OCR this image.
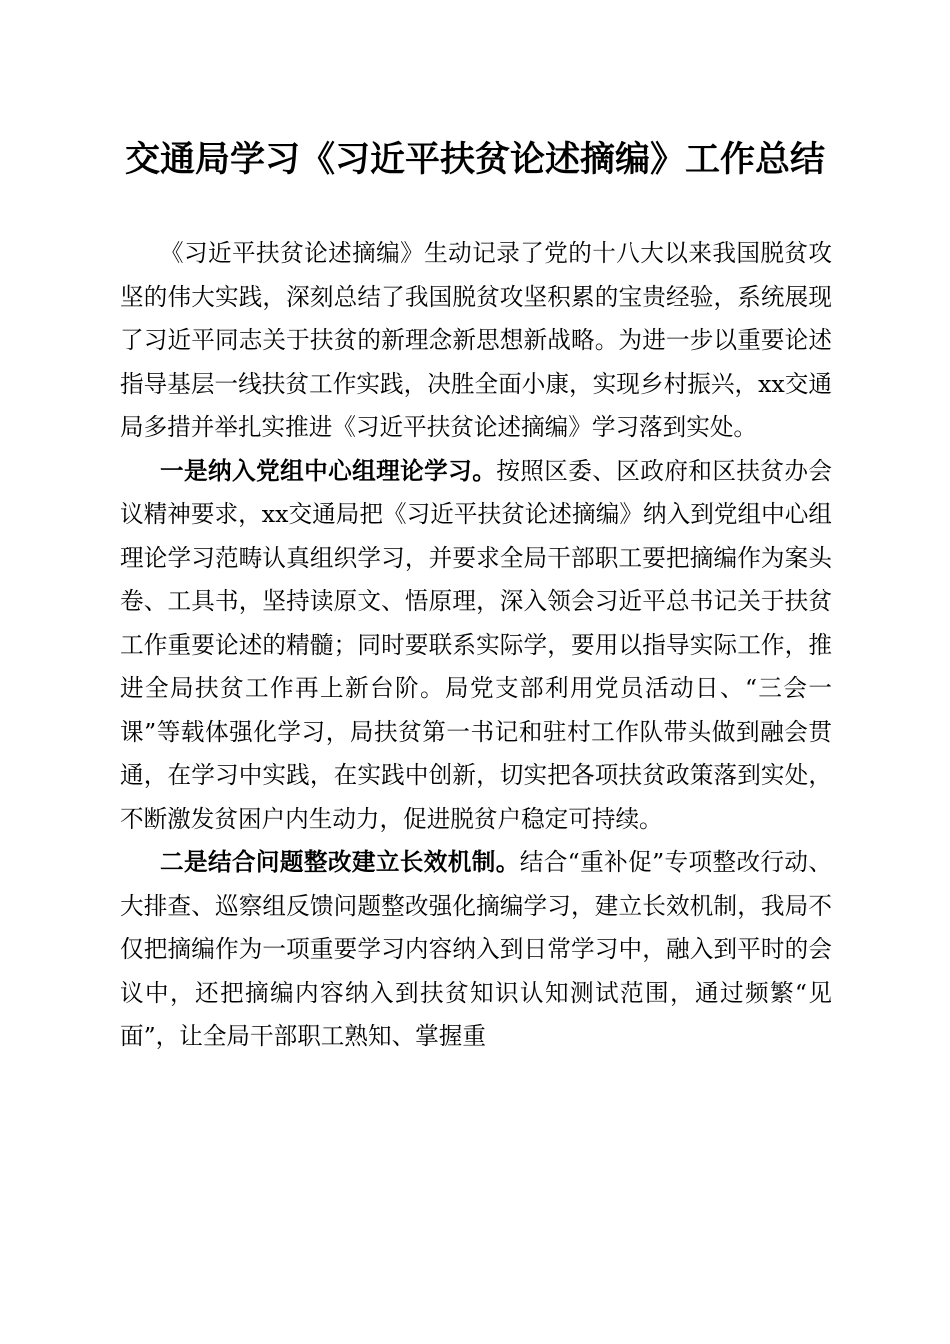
交通局学习《习近平扶贫论述摘编》工作总结

《习近平扶贫论述摘编》生动记录了党的十八大以来我国脱贫攻坚的伟大实践，深刻总结了我国脱贫攻坚积累的宝贵经验，系统展现了习近平同志关于扶贫的新理念新思想新战略。为进一步以重要论述指导基层一线扶贫工作实践，决胜全面小康，实现乡村振兴，xx交通局多措并举扎实推进《习近平扶贫论述摘编》学习落到实处。

一是纳入党组中心组理论学习。按照区委、区政府和区扶贫办会议精神要求，xx交通局把《习近平扶贫论述摘编》纳入到党组中心组理论学习范畴认真组织学习，并要求全局干部职工要把摘编作为案头卷、工具书，坚持读原文、悟原理，深入领会习近平总书记关于扶贫工作重要论述的精髓；同时要联系实际学，要用以指导实际工作，推进全局扶贫工作再上新台阶。局党支部利用党员活动日、“三会一课”等载体强化学习，局扶贫第一书记和驻村工作队带头做到融会贯通，在学习中实践，在实践中创新，切实把各项扶贫政策落到实处，不断激发贫困户内生动力，促进脱贫户稳定可持续。

二是结合问题整改建立长效机制。结合“重补促”专项整改行动、大排查、巡察组反馈问题整改强化摘编学习，建立长效机制，我局不仅把摘编作为一项重要学习内容纳入到日常学习中，融入到平时的会议中，还把摘编内容纳入到扶贫知识认知测试范围，通过频繁“见面”，让全局干部职工熟知、掌握重
